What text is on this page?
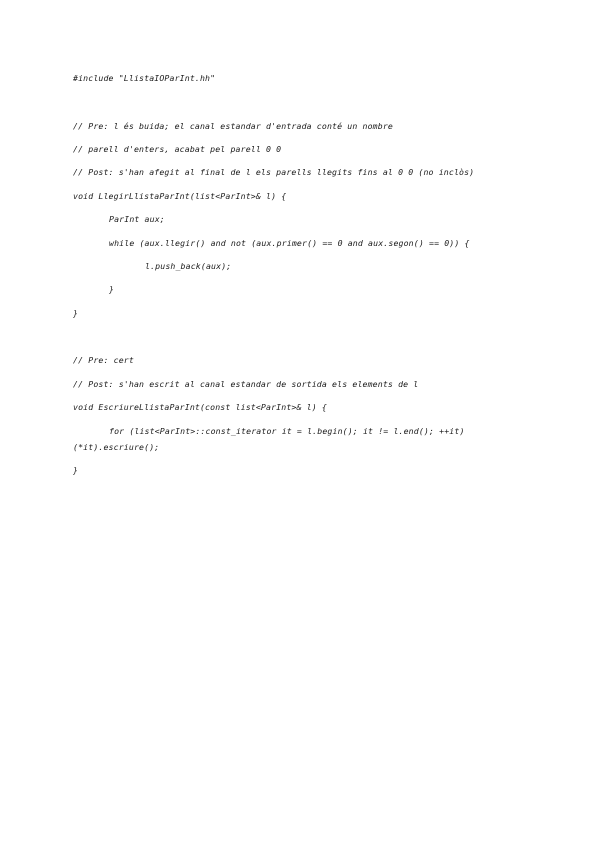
#include "LlistaIOParInt.hh"
// Pre: l és buida; el canal estandar d'entrada conté un nombre
// parell d'enters, acabat pel parell 0 0
// Post: s'han afegit al final de l els parells llegits fins al 0 0 (no inclòs)
void LlegirLlistaParInt(list<ParInt>& l) {
ParInt aux;
while (aux.llegir() and not (aux.primer() == 0 and aux.segon() == 0)) {
l.push_back(aux);
}
}
// Pre: cert
// Post: s'han escrit al canal estandar de sortida els elements de l
void EscriureLlistaParInt(const list<ParInt>& l) {
for (list<ParInt>::const_iterator it = l.begin(); it != l.end(); ++it)
(*it).escriure();
}
